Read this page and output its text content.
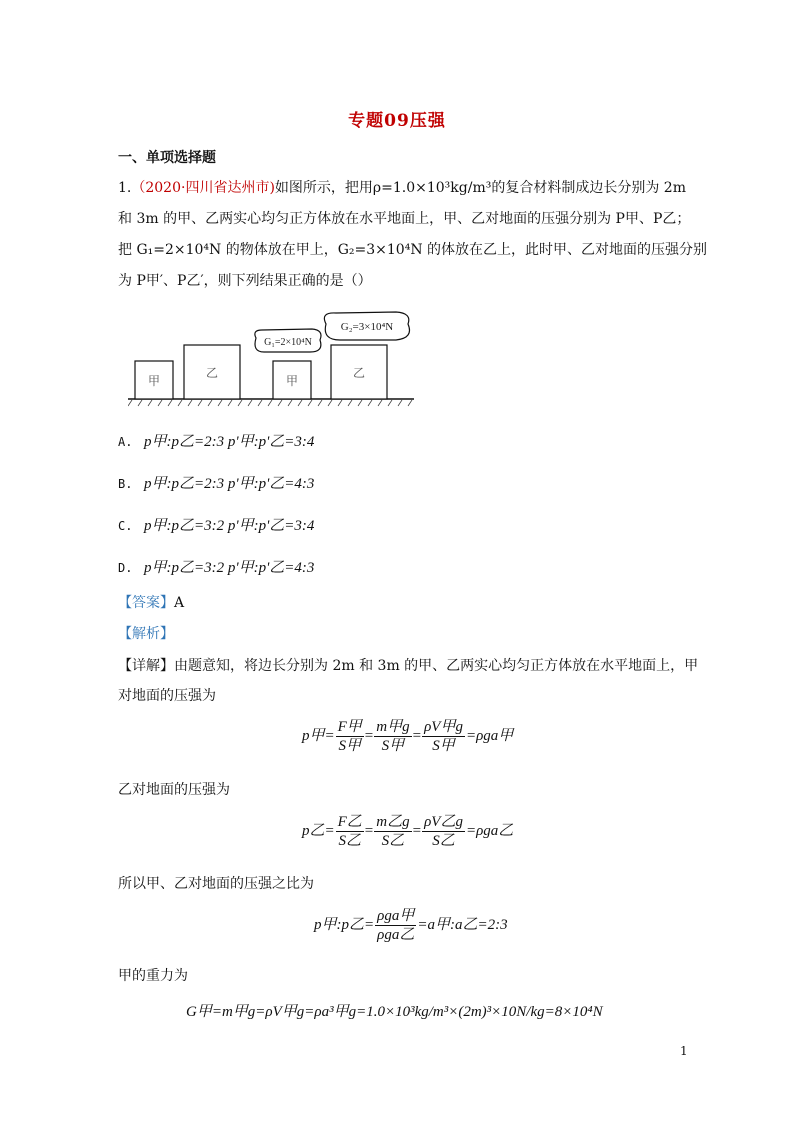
专题09压强
一、单项选择题
1.（2020·四川省达州市)如图所示，把用ρ=1.0×10³kg/m³的复合材料制成边长分别为 2m
和 3m 的甲、乙两实心均匀正方体放在水平地面上，甲、乙对地面的压强分别为 P甲、P乙；
把 G₁=2×10⁴N 的物体放在甲上，G₂=3×10⁴N 的体放在乙上，此时甲、乙对地面的压强分别
为 P甲′、P乙′，则下列结果正确的是（）
甲
乙
甲
G₁=2×10⁴N
乙
G₂=3×10⁴N
A. p甲:p乙=2:3 p'甲:p'乙=3:4
B. p甲:p乙=2:3 p'甲:p'乙=4:3
C. p甲:p乙=3:2 p'甲:p'乙=3:4
D. p甲:p乙=3:2 p'甲:p'乙=4:3
【答案】A
【解析】
【详解】由题意知，将边长分别为 2m 和 3m 的甲、乙两实心均匀正方体放在水平地面上，甲
对地面的压强为
p甲= $\frac{\text{F甲}}{\text{S甲}} = \frac{\text{m甲g}}{\text{S甲}} = \frac{\text{ρV甲g}}{\text{S甲}} =\rho ga$甲
乙对地面的压强为
p乙= $\frac{\text{F乙}}{\text{S乙}} = \frac{\text{m乙g}}{\text{S乙}} = \frac{\text{ρV乙g}}{\text{S乙}} =\rho ga$乙
所以甲、乙对地面的压强之比为
p甲:p乙= $\frac{\text{ρga甲}}{\text{ρga乙}} =a$甲:a乙=2:3
甲的重力为
G甲=m甲g=ρV甲g=ρa³甲g=1.0×10³kg/m³×(2m)³×10N/kg=8×10⁴N
1
